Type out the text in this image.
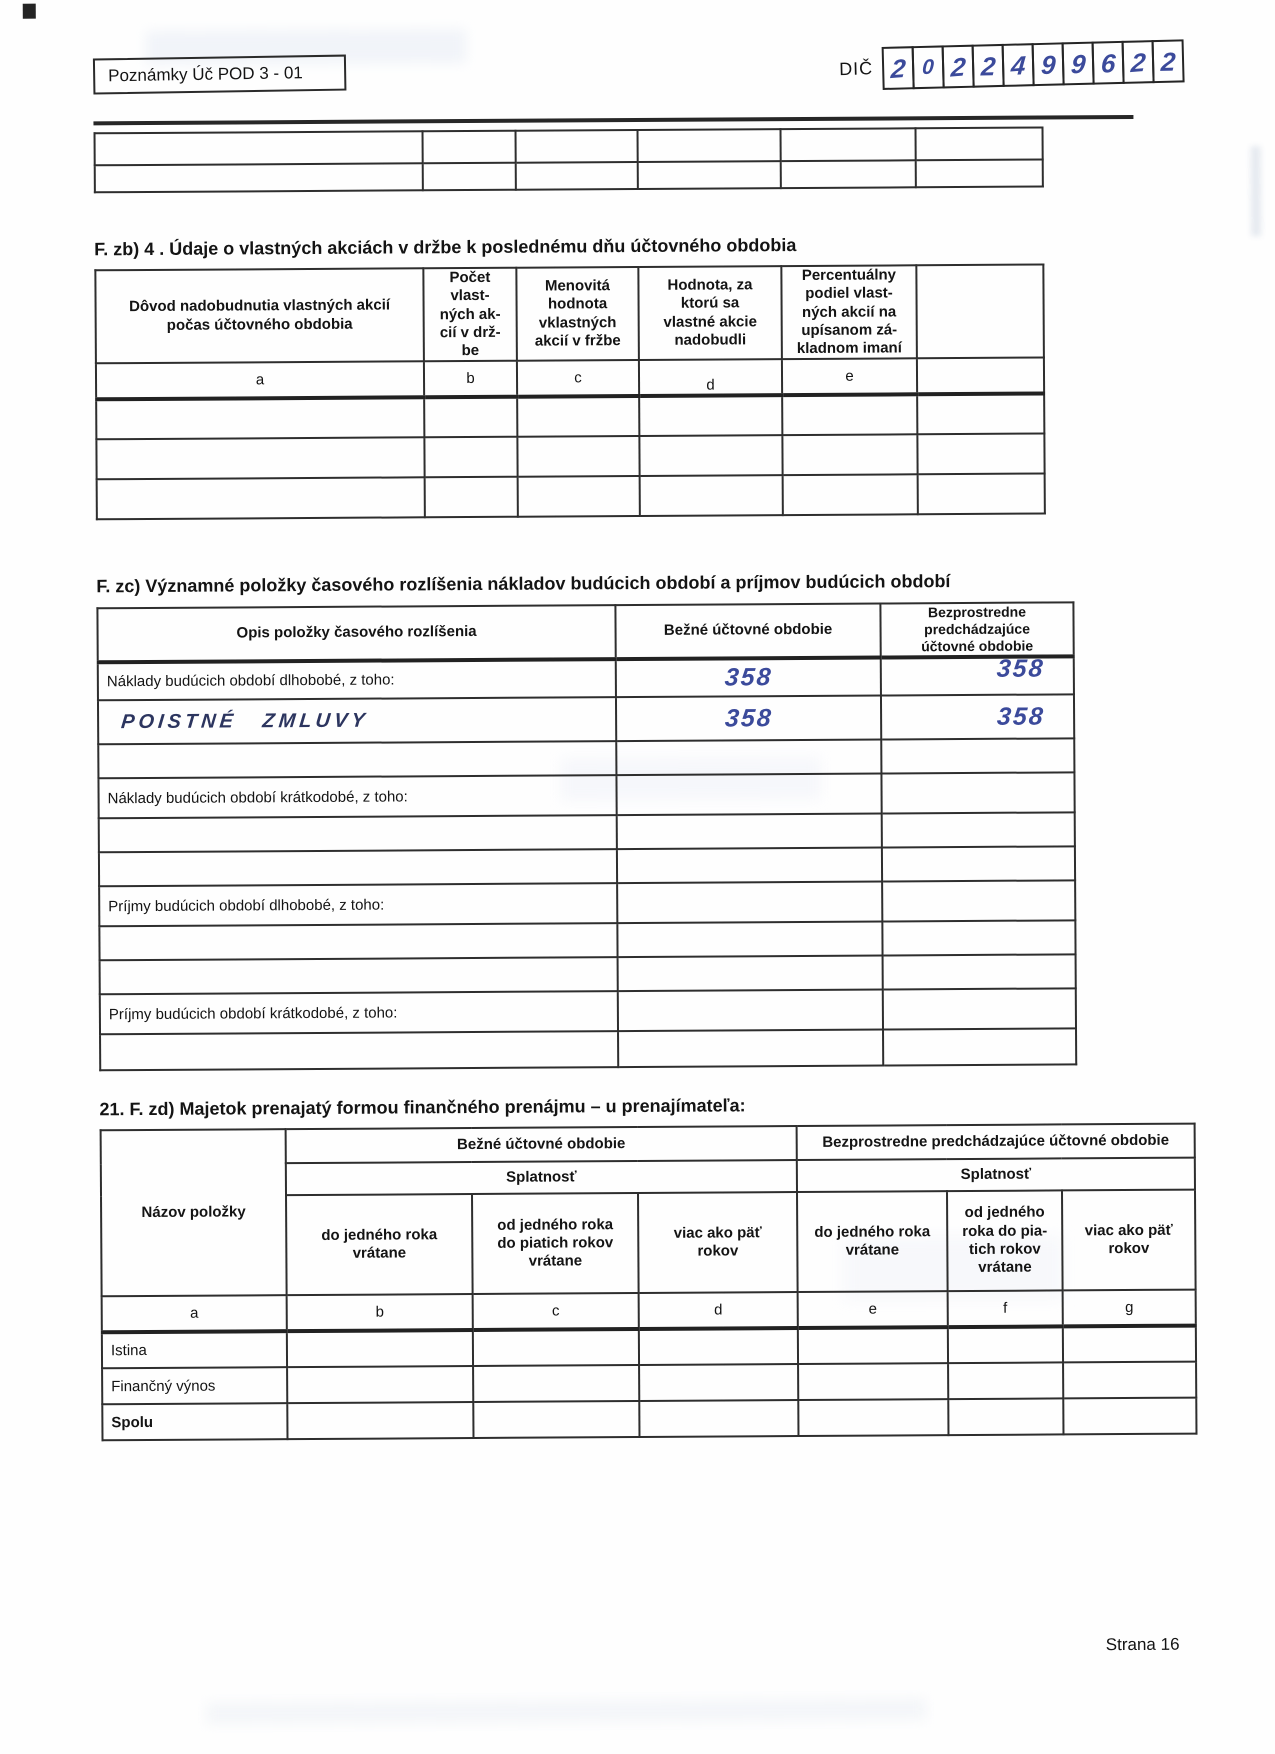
Poznámky Úč POD 3 - 01	DIČ 2 0 2 2 4 9 9 6 2 2

F. zb) 4 . Údaje o vlastných akciách v držbe k poslednému dňu účtovného obdobia
Dôvod nadobudnutia vlastných akcií
počas účtovného obdobia	Počet
vlast-
ných ak-
cií v drž-
be	Menovitá
hodnota
vklastných
akcií v fržbe	Hodnota, za
ktorú sa
vlastné akcie
nadobudli	Percentuálny
podiel vlast-
ných akcií na
upísanom zá-
kladnom imaní	
a	b	c	d	e	

F. zc) Významné položky časového rozlíšenia nákladov budúcich období a príjmov budúcich období
Opis položky časového rozlíšenia	Bežné účtovné obdobie	Bezprostredne predchádzajúce
účtovné obdobie
Náklady budúcich období dlhobobé, z toho:	358	358
POISTNÉ ZMLUVY	358	358

Náklady budúcich období krátkodobé, z toho:		

Príjmy budúcich období dlhobobé, z toho:		

Príjmy budúcich období krátkodobé, z toho:		

21. F. zd) Majetok prenajatý formou finančného prenájmu – u prenajímateľa:
Názov položky	Bežné účtovné obdobie			Bezprostredne predchádzajúce účtovné obdobie		
	Splatnosť			Splatnosť		
	do jedného roka
vrátane	od jedného roka
do piatich rokov
vrátane	viac ako päť
rokov	do jedného roka
vrátane	od jedného
roka do pia-
tich rokov
vrátane	viac ako päť
rokov
a	b	c	d	e	f	g
Istina						
Finančný výnos						
Spolu						
Strana 16
